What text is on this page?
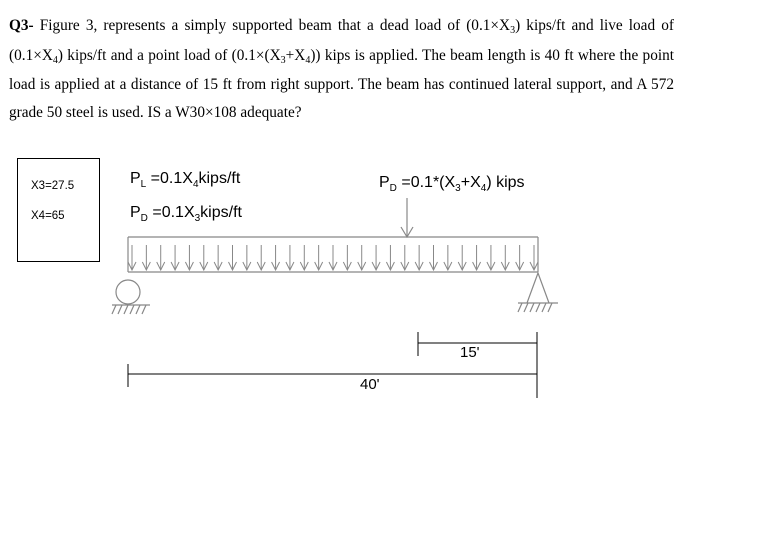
Q3- Figure 3, represents a simply supported beam that a dead load of (0.1×X3) kips/ft and live load of (0.1×X4) kips/ft and a point load of (0.1×(X3+X4)) kips is applied. The beam length is 40 ft where the point load is applied at a distance of 15 ft from right support. The beam has continued lateral support, and A 572 grade 50 steel is used. IS a W30×108 adequate?

X3=27.5
X4=65
$P_L$ $=0.1X_4kips/ft$
$P_D$ $=0.1X_3kips/ft$
$P_D =0.1*(X_3+X_4)$ kips
15'
40'
